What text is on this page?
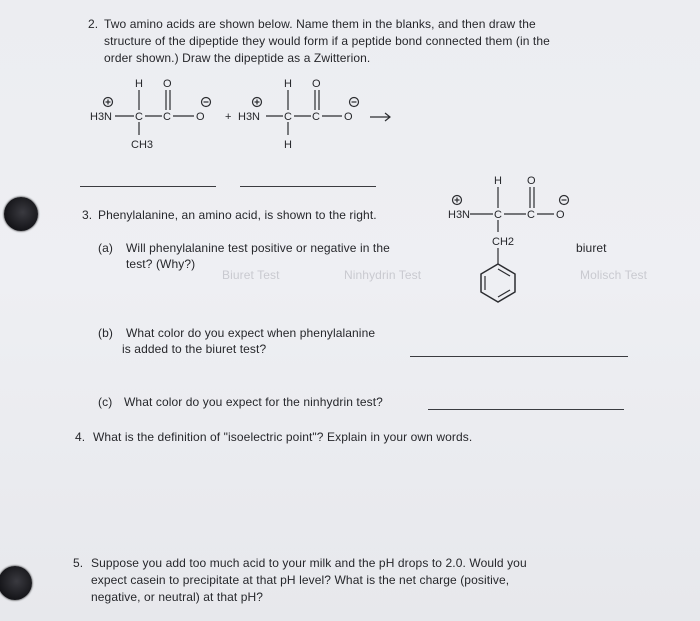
2. Two amino acids are shown below. Name them in the blanks, and then draw the
structure of the dipeptide they would form if a peptide bond connected them (in the
order shown.) Draw the dipeptide as a Zwitterion.
H3N C C O
H O
CH3
+ H3N C C O
H O
H
Biuret Test	Ninhydrin Test	Molisch Test
3. Phenylalanine, an amino acid, is shown to the right.
(a) Will phenylalanine test positive or negative in the
test? (Why?)
biuret
H3N C C O
H O
CH2
(b) What color do you expect when phenylalanine
is added to the biuret test?
(c) What color do you expect for the ninhydrin test?
4. What is the definition of "isoelectric point"? Explain in your own words.
5. Suppose you add too much acid to your milk and the pH drops to 2.0. Would you
expect casein to precipitate at that pH level? What is the net charge (positive,
negative, or neutral) at that pH?
